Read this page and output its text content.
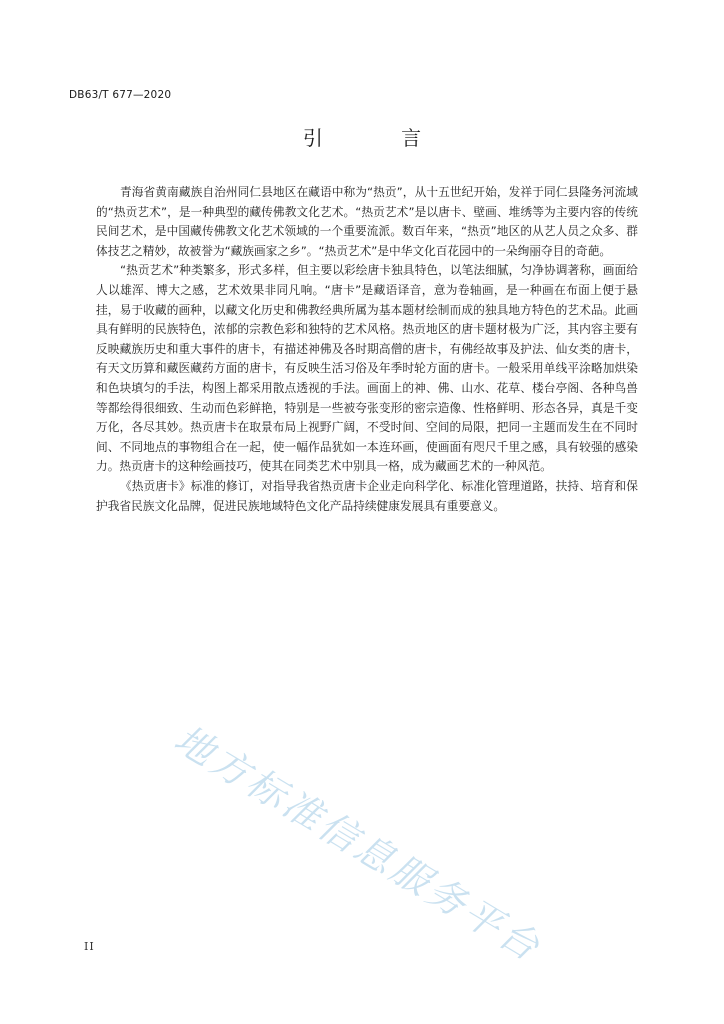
DB63/T 677—2020
引 言

青海省黄南藏族自治州同仁县地区在藏语中称为“热贡”，从十五世纪开始，发祥于同仁县隆务河流域的“热贡艺术”，是一种典型的藏传佛教文化艺术。“热贡艺术”是以唐卡、壁画、堆绣等为主要内容的传统民间艺术，是中国藏传佛教文化艺术领域的一个重要流派。数百年来，“热贡”地区的从艺人员之众多、群体技艺之精妙，故被誉为“藏族画家之乡”。“热贡艺术”是中华文化百花园中的一朵绚丽夺目的奇葩。

“热贡艺术”种类繁多，形式多样，但主要以彩绘唐卡独具特色，以笔法细腻，匀净协调著称，画面给人以雄浑、博大之感，艺术效果非同凡响。“唐卡”是藏语译音，意为卷轴画，是一种画在布面上便于悬挂，易于收藏的画种，以藏文化历史和佛教经典所属为基本题材绘制而成的独具地方特色的艺术品。此画具有鲜明的民族特色，浓郁的宗教色彩和独特的艺术风格。热贡地区的唐卡题材极为广泛，其内容主要有反映藏族历史和重大事件的唐卡，有描述神佛及各时期高僧的唐卡，有佛经故事及护法、仙女类的唐卡，有天文历算和藏医藏药方面的唐卡，有反映生活习俗及年季时轮方面的唐卡。一般采用单线平涂略加烘染和色块填匀的手法，构图上都采用散点透视的手法。画面上的神、佛、山水、花草、楼台亭阁、各种鸟兽等都绘得很细致、生动而色彩鲜艳，特别是一些被夸张变形的密宗造像、性格鲜明、形态各异，真是千变万化，各尽其妙。热贡唐卡在取景布局上视野广阔，不受时间、空间的局限，把同一主题而发生在不同时间、不同地点的事物组合在一起，使一幅作品犹如一本连环画，使画面有咫尺千里之感，具有较强的感染力。热贡唐卡的这种绘画技巧，使其在同类艺术中别具一格，成为藏画艺术的一种风范。

《热贡唐卡》标准的修订，对指导我省热贡唐卡企业走向科学化、标准化管理道路，扶持、培育和保护我省民族文化品牌，促进民族地域特色文化产品持续健康发展具有重要意义。

地方标准信息服务平台
II
